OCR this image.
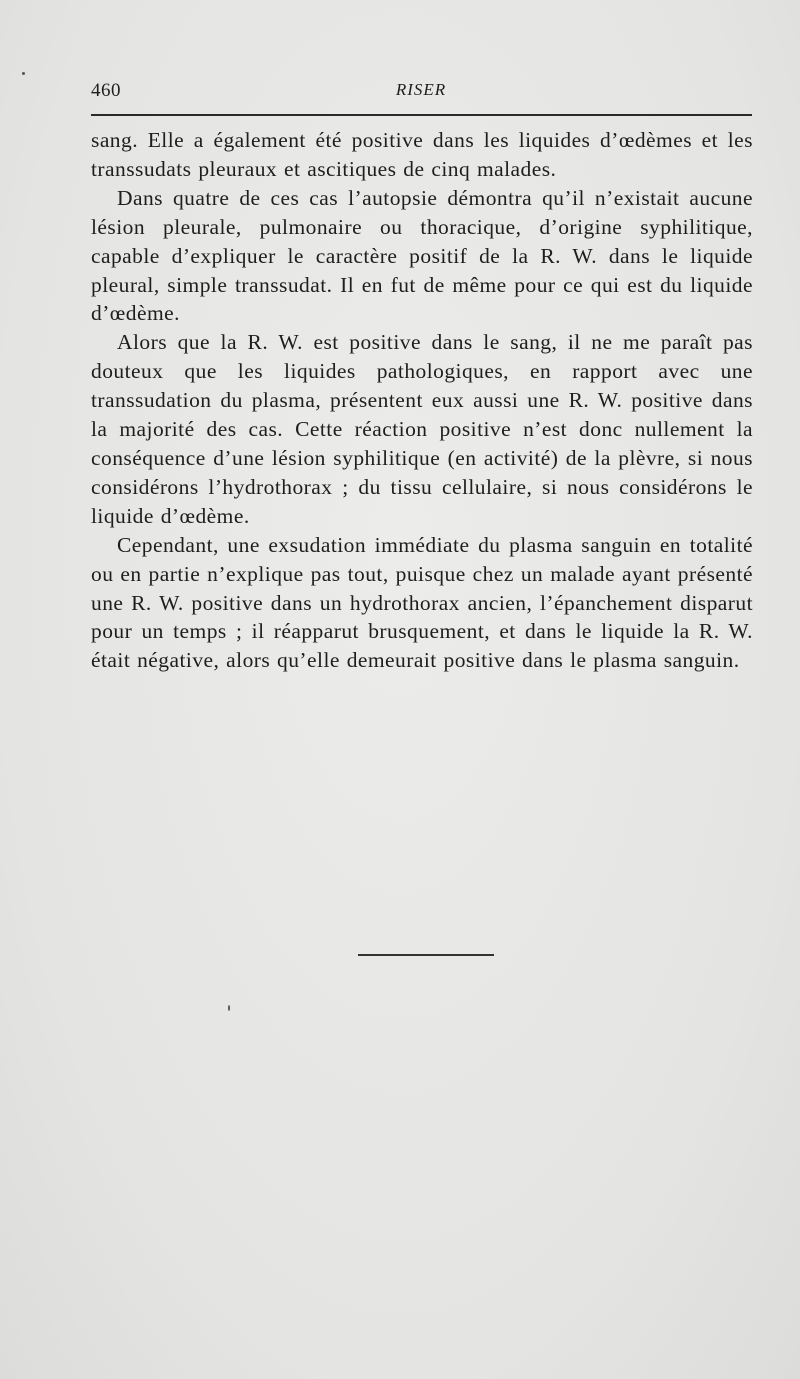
460	RISER

sang. Elle a également été positive dans les liquides d’œdèmes et les transsudats pleuraux et ascitiques de cinq malades.

Dans quatre de ces cas l’autopsie démontra qu’il n’existait aucune lésion pleurale, pulmonaire ou thoracique, d’origine syphilitique, capable d’expliquer le caractère positif de la R. W. dans le liquide pleural, simple transsudat. Il en fut de même pour ce qui est du liquide d’œdème.

Alors que la R. W. est positive dans le sang, il ne me paraît pas douteux que les liquides pathologiques, en rapport avec une transsudation du plasma, présentent eux aussi une R. W. positive dans la majorité des cas. Cette réaction positive n’est donc nullement la conséquence d’une lésion syphilitique (en activité) de la plèvre, si nous considérons l’hydrothorax ; du tissu cellulaire, si nous considérons le liquide d’œdème.

Cependant, une exsudation immédiate du plasma sanguin en totalité ou en partie n’explique pas tout, puisque chez un malade ayant présenté une R. W. positive dans un hydrothorax ancien, l’épanchement disparut pour un temps ; il réapparut brusquement, et dans le liquide la R. W. était négative, alors qu’elle demeurait positive dans le plasma sanguin.
